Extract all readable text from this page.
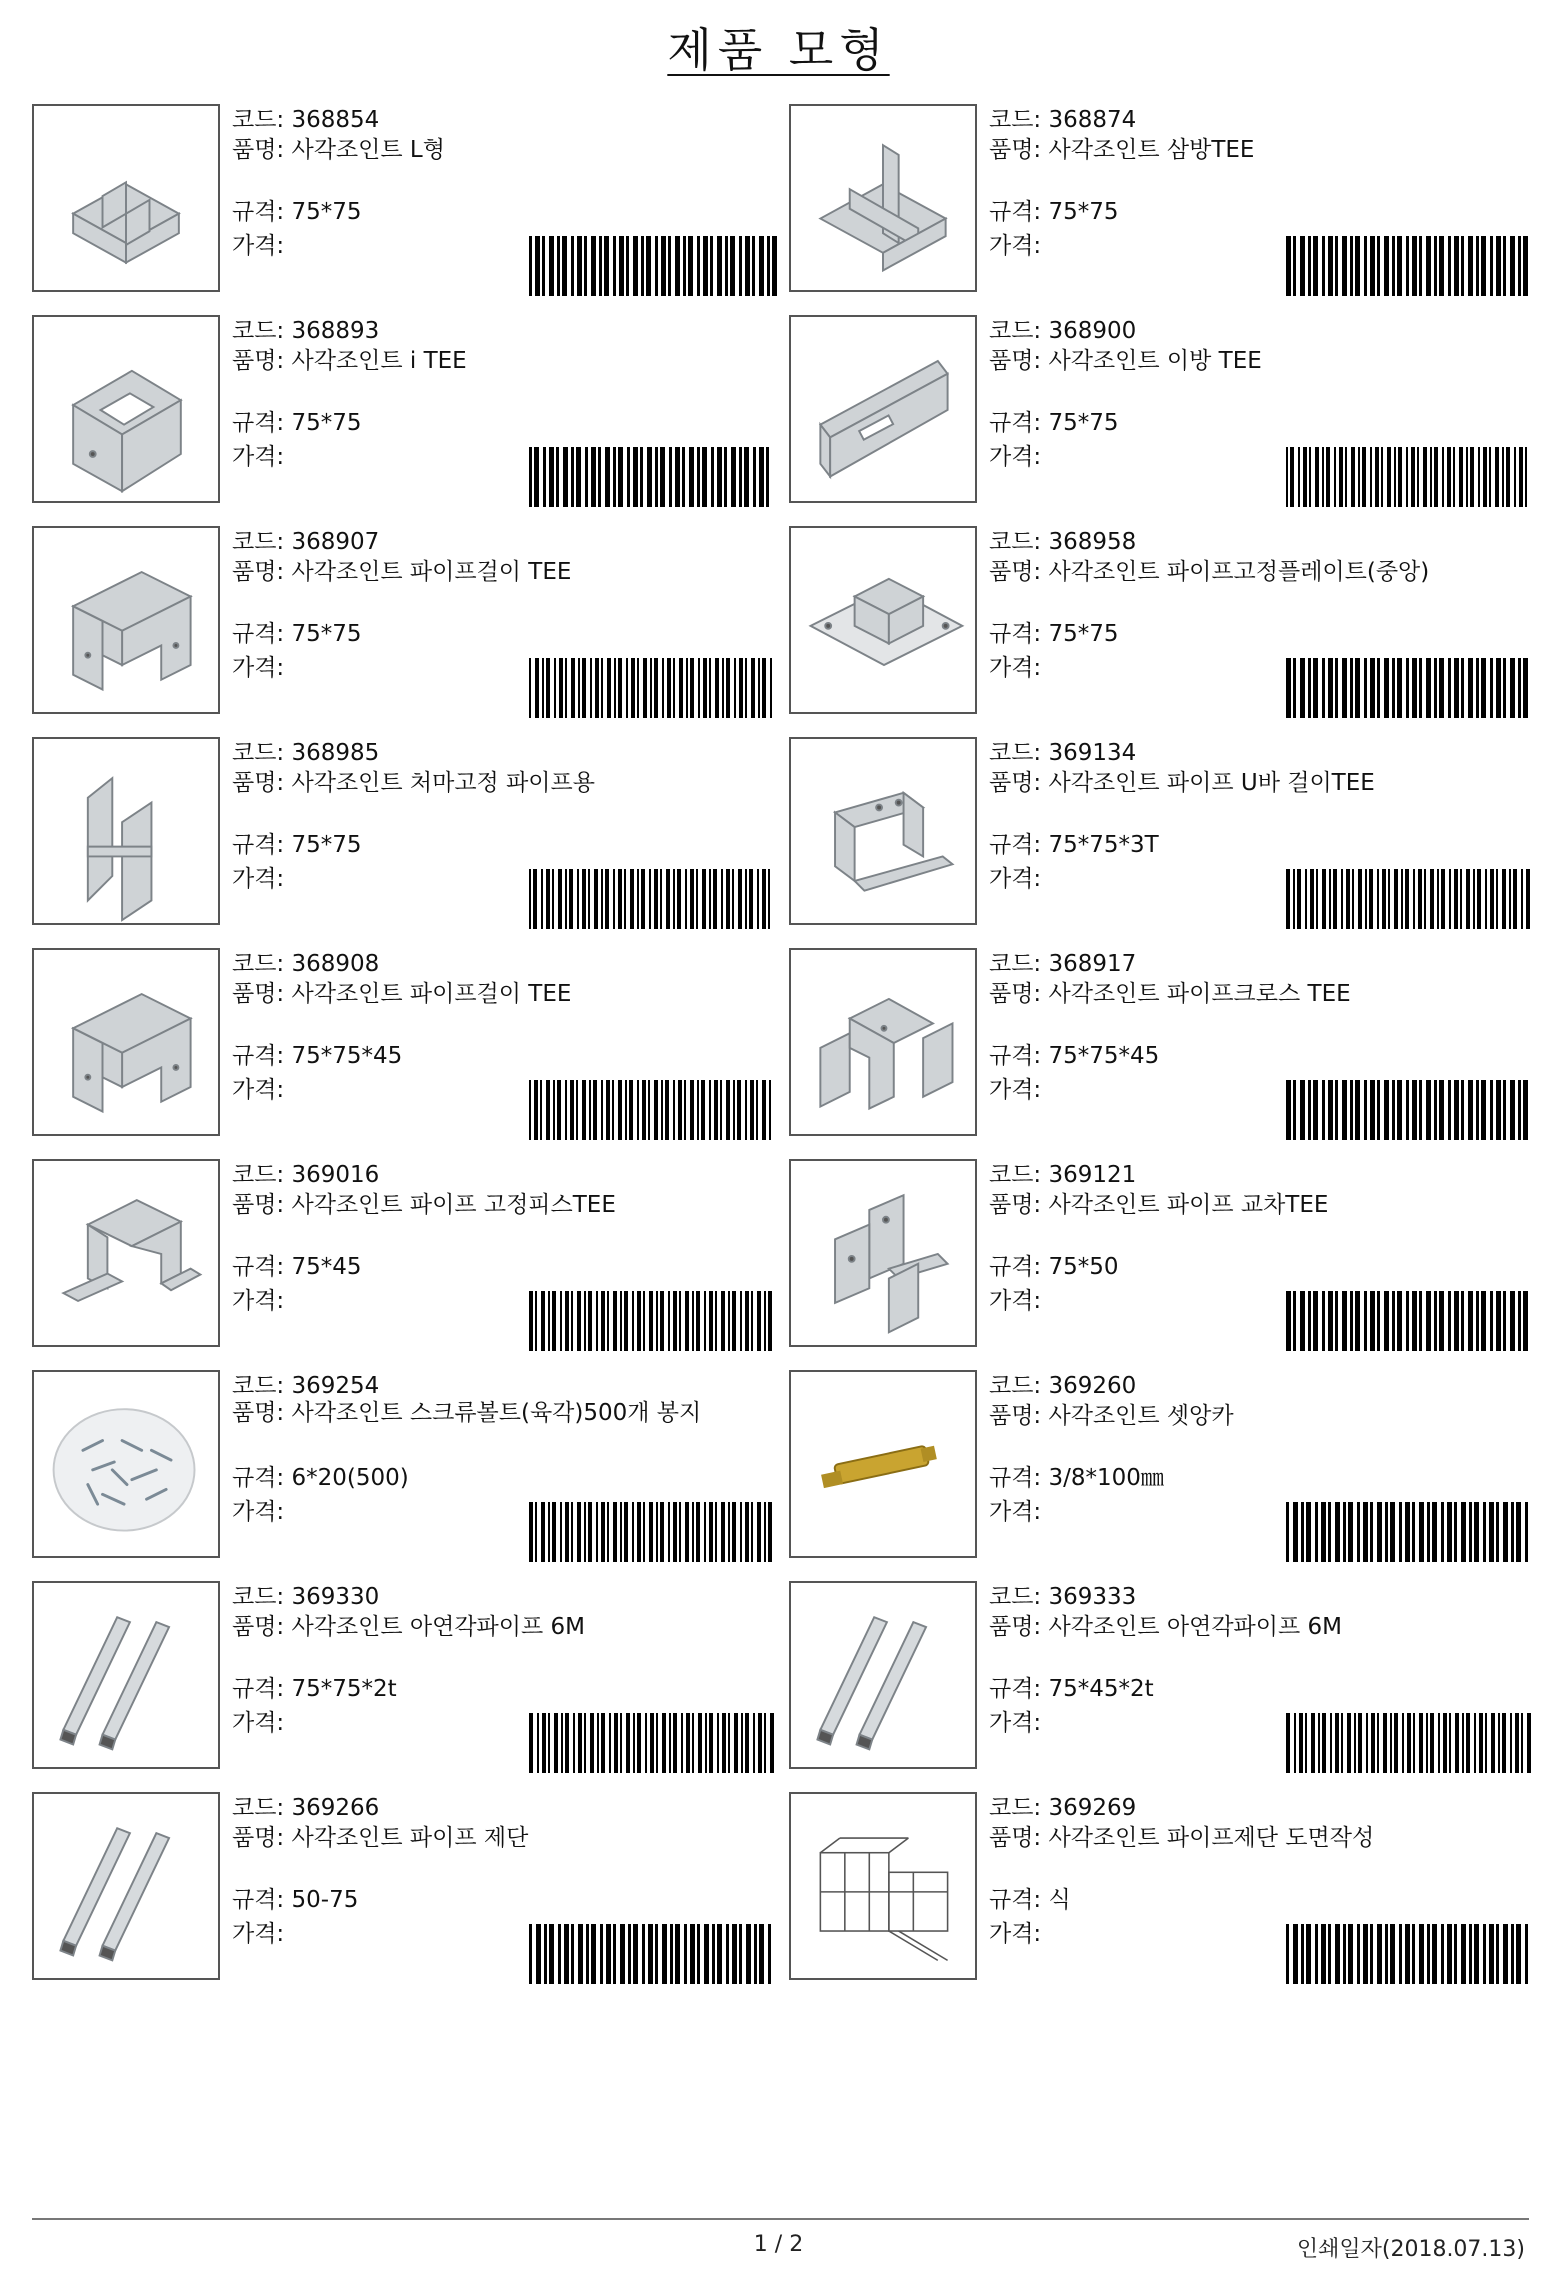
제품 모형
코드: 368854
품명: 사각조인트 L형
규격: 75*75
가격:
코드: 368874
품명: 사각조인트 삼방TEE
규격: 75*75
가격:
코드: 368893
품명: 사각조인트 i TEE
규격: 75*75
가격:
코드: 368900
품명: 사각조인트 이방 TEE
규격: 75*75
가격:
코드: 368907
품명: 사각조인트 파이프걸이 TEE
규격: 75*75
가격:
코드: 368958
품명: 사각조인트 파이프고정플레이트(중앙)
규격: 75*75
가격:
코드: 368985
품명: 사각조인트 처마고정 파이프용
규격: 75*75
가격:
코드: 369134
품명: 사각조인트 파이프 U바 걸이TEE
규격: 75*75*3T
가격:
코드: 368908
품명: 사각조인트 파이프걸이 TEE
규격: 75*75*45
가격:
코드: 368917
품명: 사각조인트 파이프크로스 TEE
규격: 75*75*45
가격:
코드: 369016
품명: 사각조인트 파이프 고정피스TEE
규격: 75*45
가격:
코드: 369121
품명: 사각조인트 파이프 교차TEE
규격: 75*50
가격:
코드: 369254
품명: 사각조인트 스크류볼트(육각)500개 봉지
규격: 6*20(500)
가격:
코드: 369260
품명: 사각조인트 셋앙카
규격: 3/8*100㎜
가격:
코드: 369330
품명: 사각조인트 아연각파이프 6M
규격: 75*75*2t
가격:
코드: 369333
품명: 사각조인트 아연각파이프 6M
규격: 75*45*2t
가격:
코드: 369266
품명: 사각조인트 파이프 제단
규격: 50-75
가격:
코드: 369269
품명: 사각조인트 파이프제단 도면작성
규격: 식
가격:
1 / 2	인쇄일자(2018.07.13)
